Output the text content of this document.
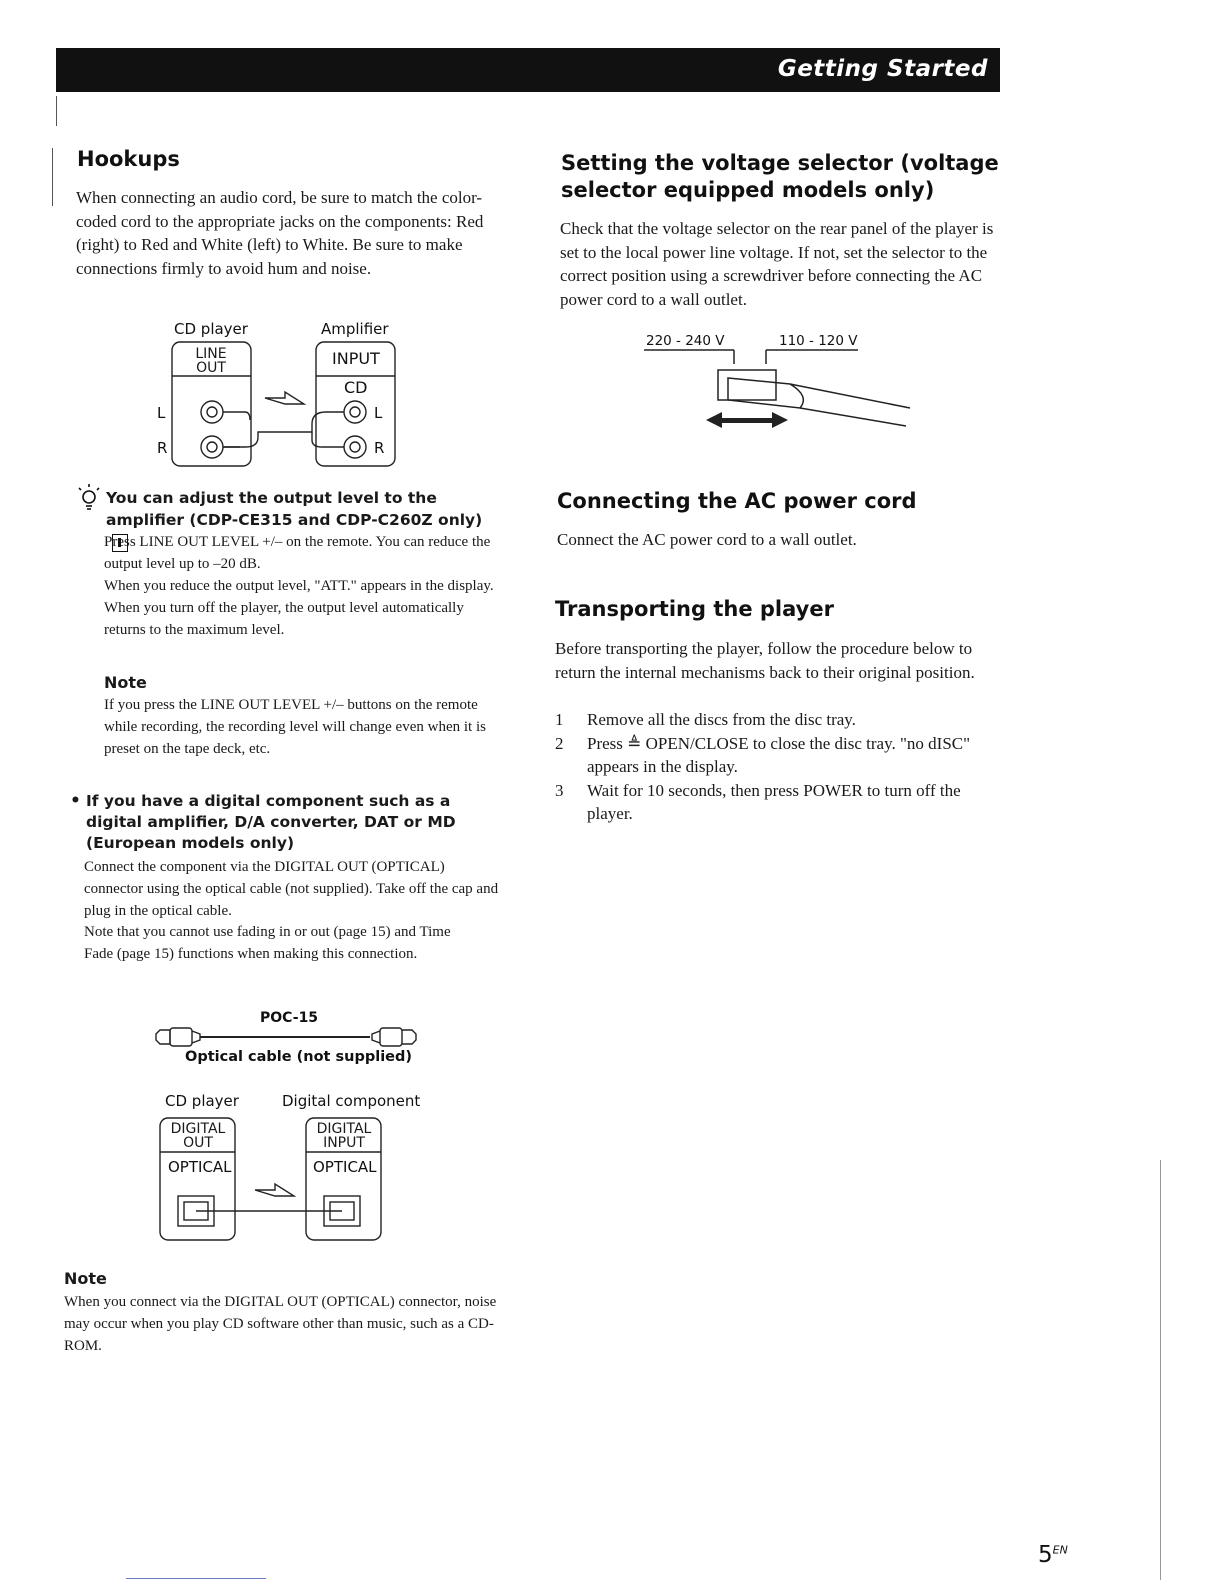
Getting Started
Hookups
When connecting an audio cord, be sure to match the color-coded cord to the appropriate jacks on the components: Red (right) to Red and White (left) to White. Be sure to make connections firmly to avoid hum and noise.
CD player	Amplifier
LINE
OUT	INPUT
CD
L
R
L
R
You can adjust the output level to the amplifier (CDP-CE315 and CDP-C260Z only)
Press LINE OUT LEVEL +/– on the remote. You can reduce the output level up to –20 dB.
When you reduce the output level, "ATT." appears in the display.
When you turn off the player, the output level automatically returns to the maximum level.
Note
If you press the LINE OUT LEVEL +/– buttons on the remote while recording, the recording level will change even when it is preset on the tape deck, etc.
• If you have a digital component such as a digital amplifier, D/A converter, DAT or MD (European models only)
Connect the component via the DIGITAL OUT (OPTICAL) connector using the optical cable (not supplied). Take off the cap and plug in the optical cable.
Note that you cannot use fading in or out (page 15) and Time Fade (page 15) functions when making this connection.
POC-15
Optical cable (not supplied)
CD player	Digital component
DIGITAL
OUT
DIGITAL
INPUT
OPTICAL	OPTICAL
Note
When you connect via the DIGITAL OUT (OPTICAL) connector, noise may occur when you play CD software other than music, such as a CD-ROM.
Setting the voltage selector (voltage
selector equipped models only)
Check that the voltage selector on the rear panel of the player is set to the local power line voltage. If not, set the selector to the correct position using a screwdriver before connecting the AC power cord to a wall outlet.
220 - 240 V	110 - 120 V
Connecting the AC power cord
Connect the AC power cord to a wall outlet.
Transporting the player
Before transporting the player, follow the procedure below to return the internal mechanisms back to their original position.
1 Remove all the discs from the disc tray.
2 Press ≜ OPEN/CLOSE to close the disc tray. "no dISC" appears in the display.
3 Wait for 10 seconds, then press POWER to turn off the player.
$5^{EN}$
